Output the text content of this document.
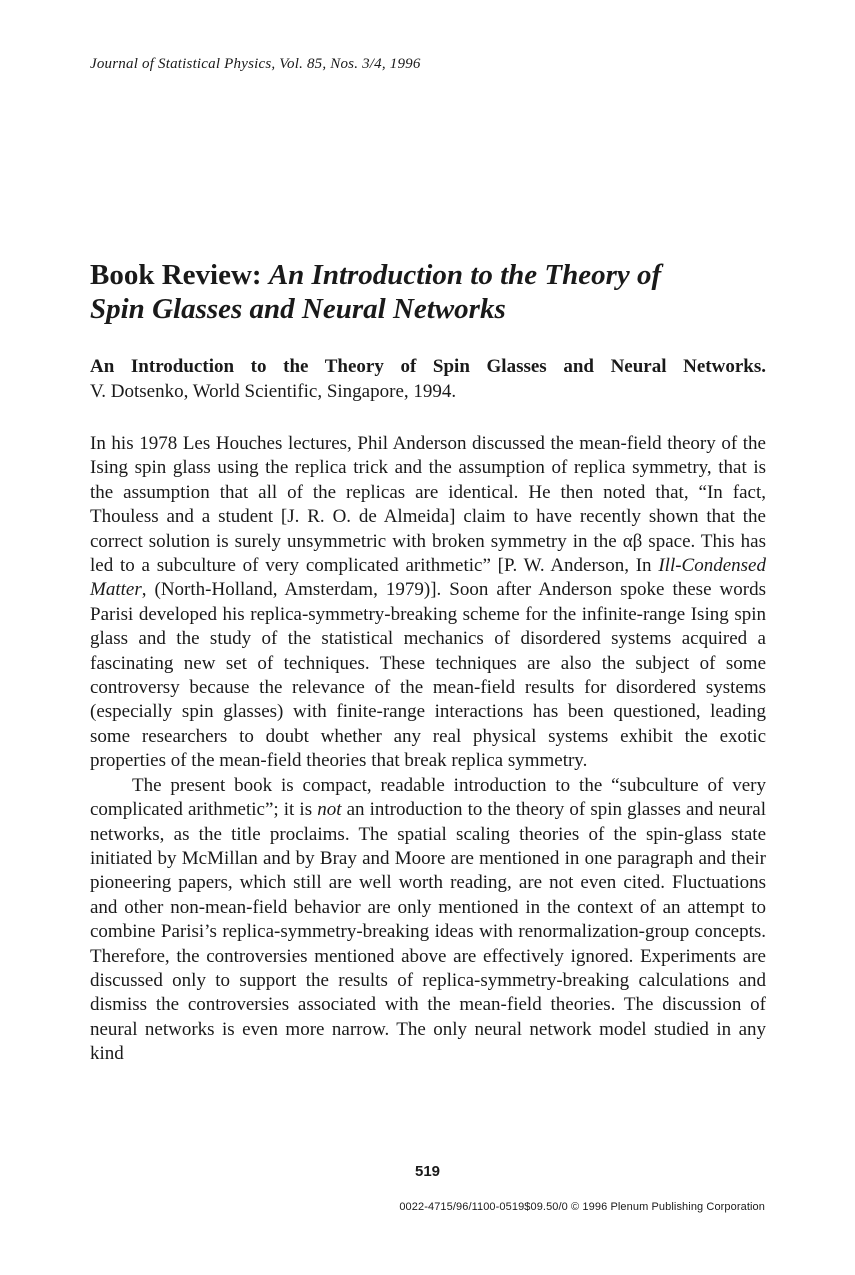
Journal of Statistical Physics, Vol. 85, Nos. 3/4, 1996
Book Review: An Introduction to the Theory of
Spin Glasses and Neural Networks
An Introduction to the Theory of Spin Glasses and Neural Networks.
V. Dotsenko, World Scientific, Singapore, 1994.

In his 1978 Les Houches lectures, Phil Anderson discussed the mean-field theory of the Ising spin glass using the replica trick and the assumption of replica symmetry, that is the assumption that all of the replicas are identical. He then noted that, “In fact, Thouless and a student [J. R. O. de Almeida] claim to have recently shown that the correct solution is surely unsymmetric with broken symmetry in the αβ space. This has led to a subculture of very complicated arithmetic” [P. W. Anderson, In Ill-Condensed Matter, (North-Holland, Amsterdam, 1979)]. Soon after Anderson spoke these words Parisi developed his replica-symmetry-breaking scheme for the infinite-range Ising spin glass and the study of the statistical mechanics of disordered systems acquired a fascinating new set of techniques. These techniques are also the subject of some controversy because the relevance of the mean-field results for disordered systems (especially spin glasses) with finite-range interactions has been questioned, leading some researchers to doubt whether any real physical systems exhibit the exotic properties of the mean-field theories that break replica symmetry.

The present book is compact, readable introduction to the “subculture of very complicated arithmetic”; it is not an introduction to the theory of spin glasses and neural networks, as the title proclaims. The spatial scaling theories of the spin-glass state initiated by McMillan and by Bray and Moore are mentioned in one paragraph and their pioneering papers, which still are well worth reading, are not even cited. Fluctuations and other non-mean-field behavior are only mentioned in the context of an attempt to combine Parisi’s replica-symmetry-breaking ideas with renormalization-group concepts. Therefore, the controversies mentioned above are effectively ignored. Experiments are discussed only to support the results of replica-symmetry-breaking calculations and dismiss the controversies associated with the mean-field theories. The discussion of neural networks is even more narrow. The only neural network model studied in any kind

519
0022-4715/96/1100-0519$09.50/0 © 1996 Plenum Publishing Corporation
